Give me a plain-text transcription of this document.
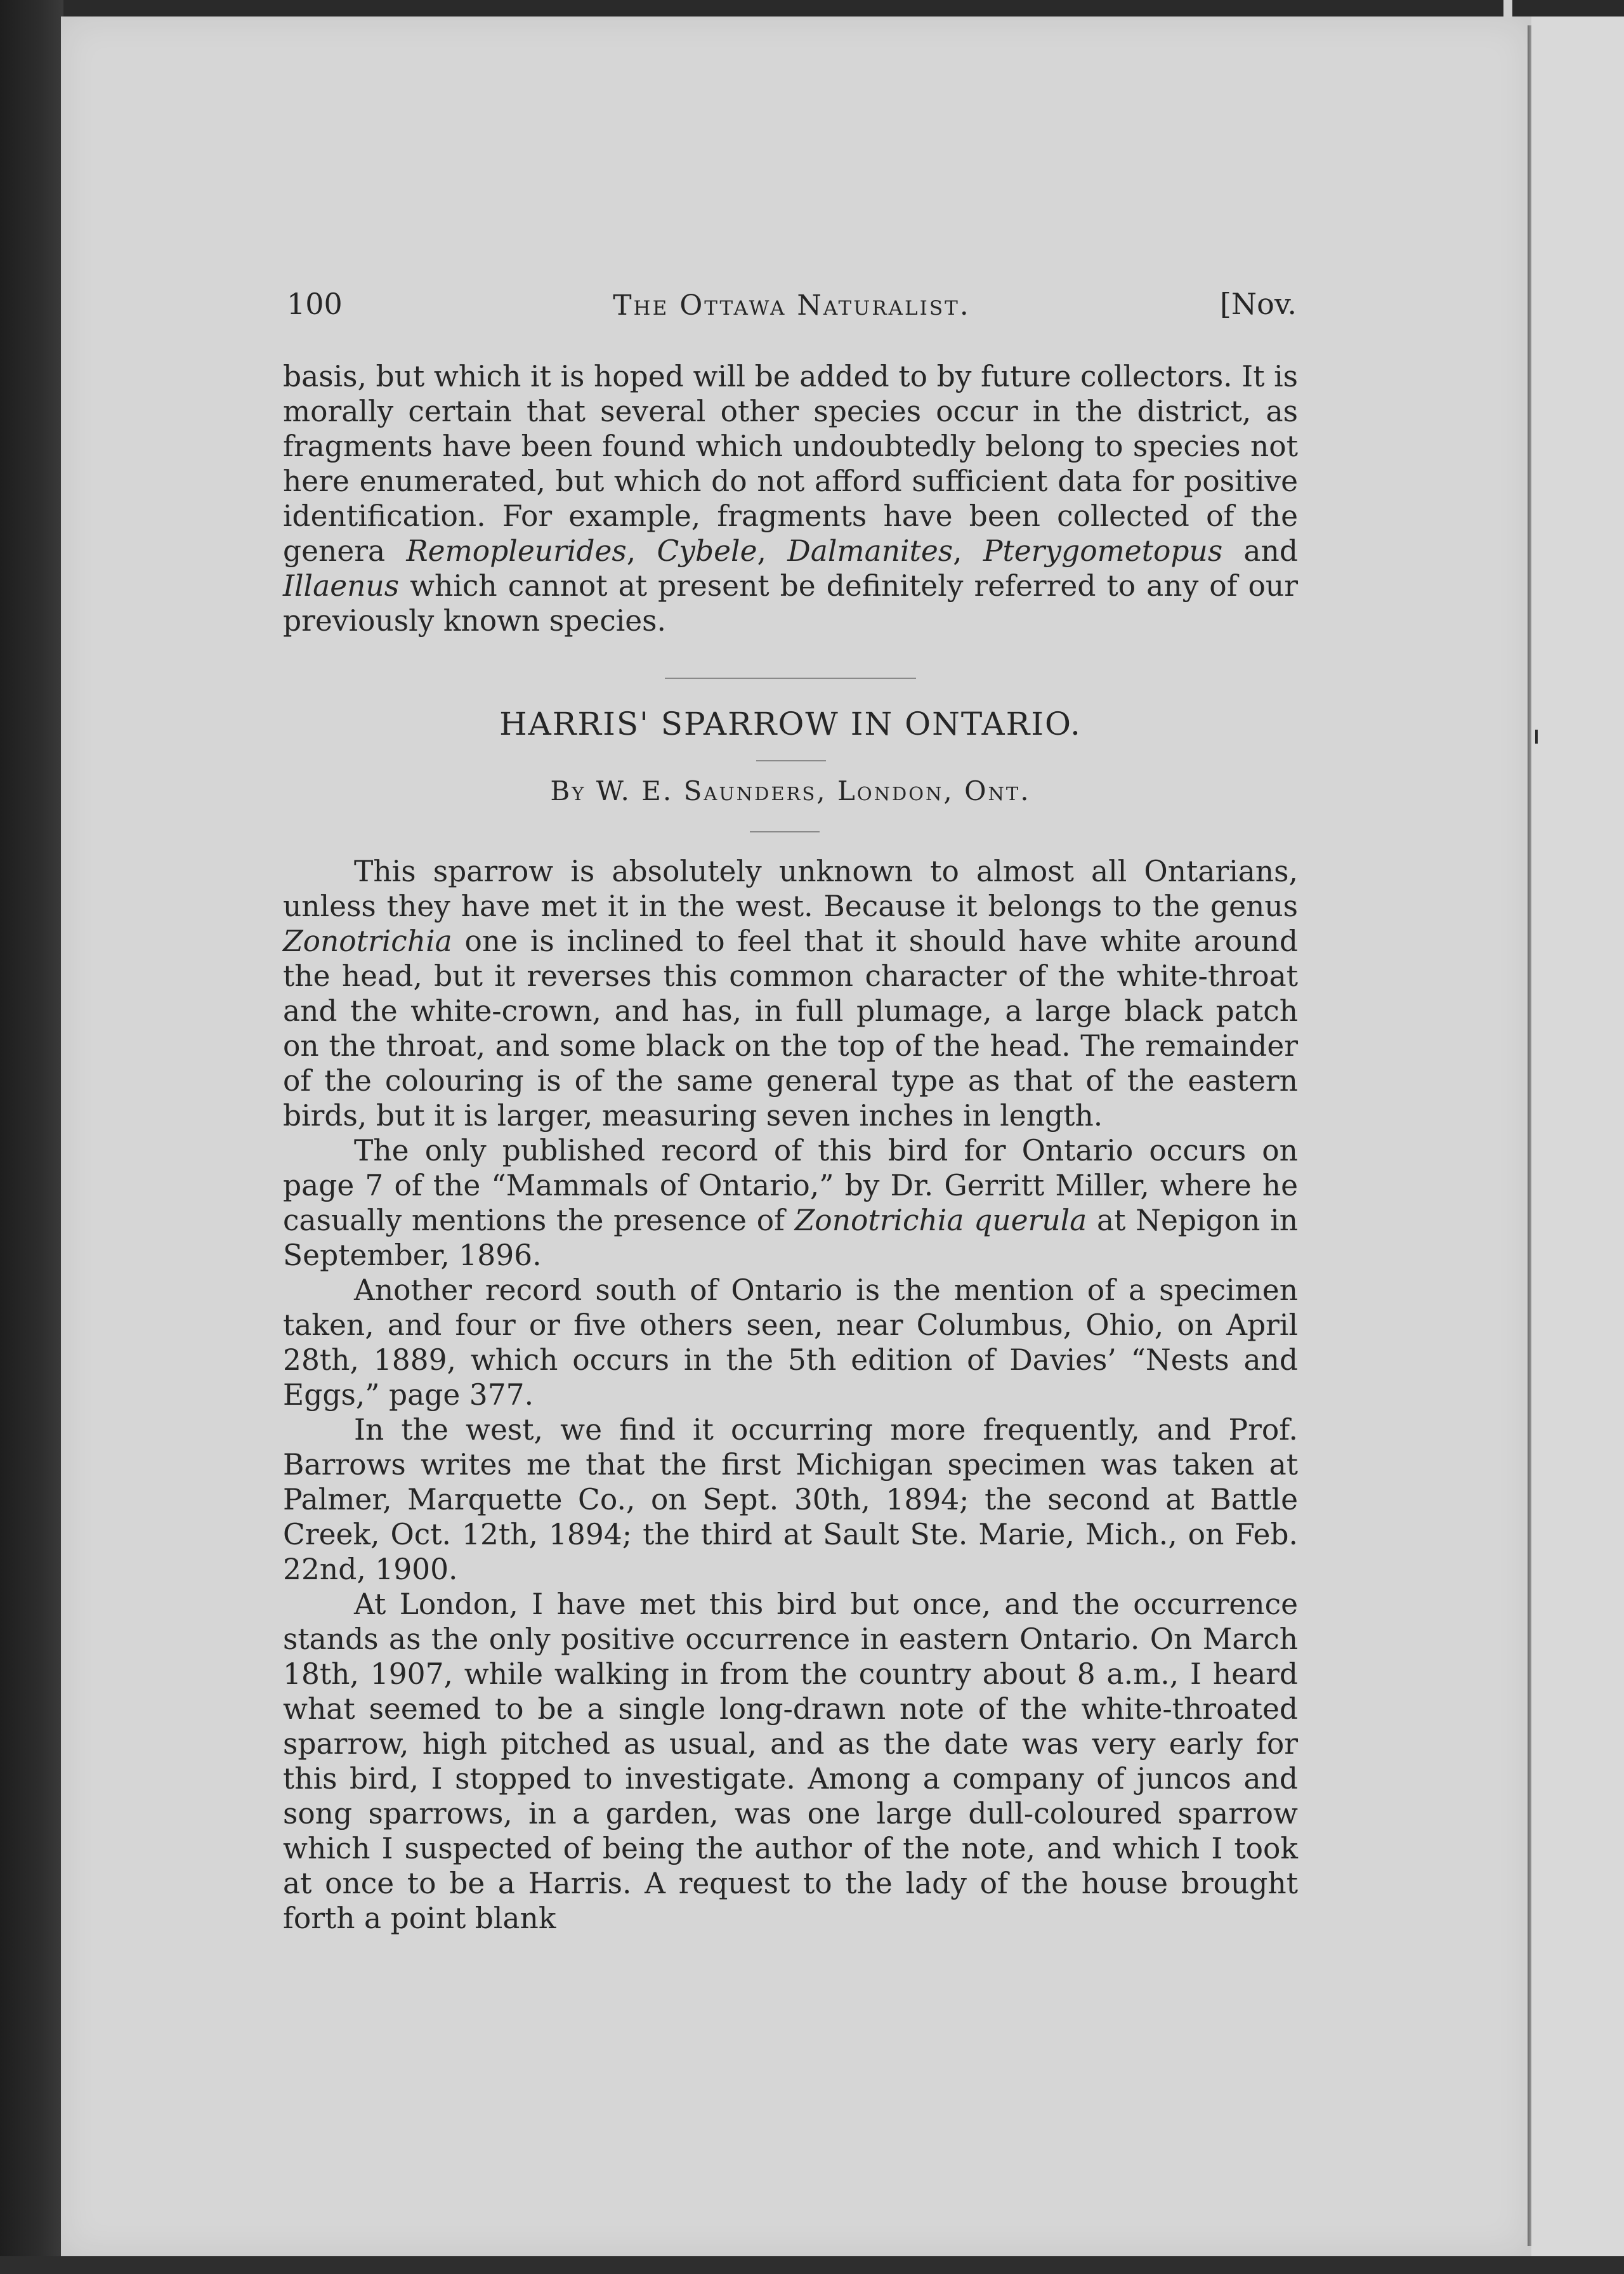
100	The Ottawa Naturalist.	[Nov.

basis, but which it is hoped will be added to by future collectors. It is morally certain that several other species occur in the district, as fragments have been found which undoubtedly belong to species not here enumerated, but which do not afford sufficient data for positive identification. For example, fragments have been collected of the genera Remopleurides, Cybele, Dalmanites, Pterygometopus and Illaenus which cannot at present be definitely referred to any of our previously known species.

HARRIS' SPARROW IN ONTARIO.

By W. E. Saunders, London, Ont.

This sparrow is absolutely unknown to almost all Ontarians, unless they have met it in the west. Because it belongs to the genus Zonotrichia one is inclined to feel that it should have white around the head, but it reverses this common character of the white-throat and the white-crown, and has, in full plumage, a large black patch on the throat, and some black on the top of the head. The remainder of the colouring is of the same general type as that of the eastern birds, but it is larger, measuring seven inches in length.

The only published record of this bird for Ontario occurs on page 7 of the “Mammals of Ontario,” by Dr. Gerritt Miller, where he casually mentions the presence of Zonotrichia querula at Nepigon in September, 1896.

Another record south of Ontario is the mention of a specimen taken, and four or five others seen, near Columbus, Ohio, on April 28th, 1889, which occurs in the 5th edition of Davies’ “Nests and Eggs,” page 377.

In the west, we find it occurring more frequently, and Prof. Barrows writes me that the first Michigan specimen was taken at Palmer, Marquette Co., on Sept. 30th, 1894; the second at Battle Creek, Oct. 12th, 1894; the third at Sault Ste. Marie, Mich., on Feb. 22nd, 1900.

At London, I have met this bird but once, and the occurrence stands as the only positive occurrence in eastern Ontario. On March 18th, 1907, while walking in from the country about 8 a.m., I heard what seemed to be a single long-drawn note of the white-throated sparrow, high pitched as usual, and as the date was very early for this bird, I stopped to investigate. Among a company of juncos and song sparrows, in a garden, was one large dull-coloured sparrow which I suspected of being the author of the note, and which I took at once to be a Harris. A request to the lady of the house brought forth a point blank
